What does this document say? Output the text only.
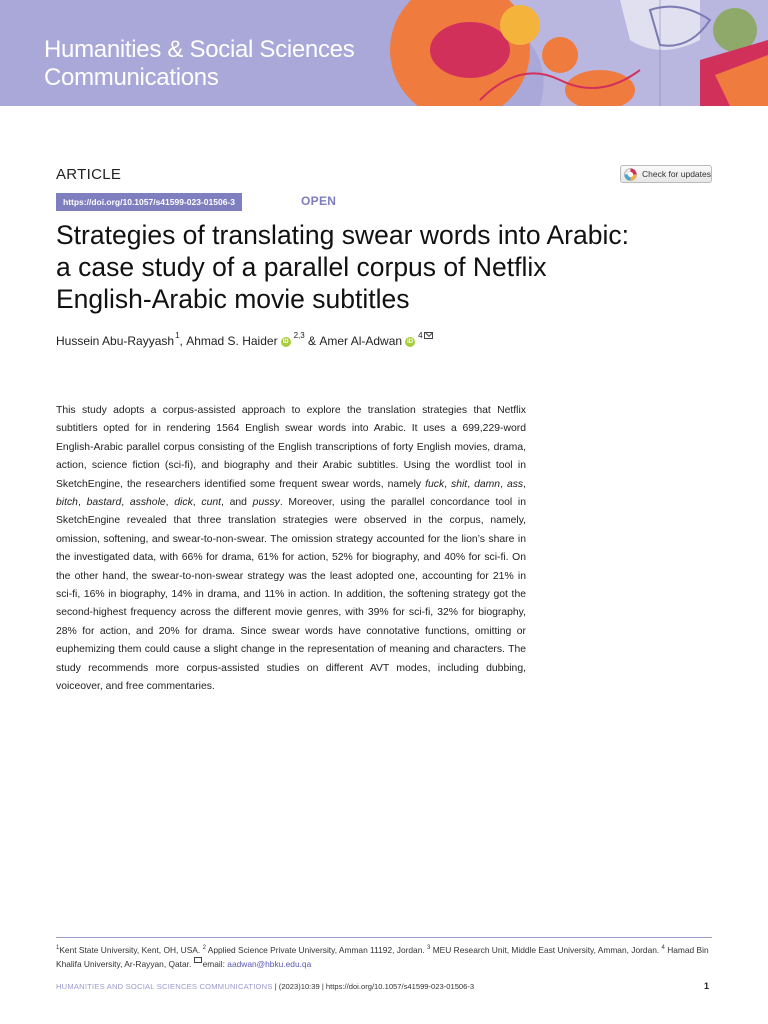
Humanities & Social Sciences
Communications
ARTICLE	Check for updates
https://doi.org/10.1057/s41599-023-01506-3	OPEN
Strategies of translating swear words into Arabic:
a case study of a parallel corpus of Netflix
English-Arabic movie subtitles
Hussein Abu-Rayyash$^1$ , Ahmad S. Haider iD
$^{2,3}$ & Amer Al-Adwan iD
$^4$

This study adopts a corpus-assisted approach to explore the translation strategies that Netflix subtitlers opted for in rendering 1564 English swear words into Arabic. It uses a 699,229-word English-Arabic parallel corpus consisting of the English transcriptions of forty English movies, drama, action, science fiction (sci-fi), and biography and their Arabic subtitles. Using the wordlist tool in SketchEngine, the researchers identified some frequent swear words, namely fuck, shit, damn, ass, bitch, bastard, asshole, dick, cunt, and pussy. Moreover, using the parallel concordance tool in SketchEngine revealed that three translation strategies were observed in the corpus, namely, omission, softening, and swear-to-non-swear. The omission strategy accounted for the lion’s share in the investigated data, with 66% for drama, 61% for action, 52% for biography, and 40% for sci-fi. On the other hand, the swear-to-non-swear strategy was the least adopted one, accounting for 21% in sci-fi, 16% in biography, 14% in drama, and 11% in action. In addition, the softening strategy got the second-highest frequency across the different movie genres, with 39% for sci-fi, 32% for biography, 28% for action, and 20% for drama. Since swear words have connotative functions, omitting or euphemizing them could cause a slight change in the representation of meaning and characters. The study recommends more corpus-assisted studies on different AVT modes, including dubbing, voiceover, and free commentaries.

$^1$Kent State University, Kent, OH, USA. $^2$ Applied Science Private University, Amman 11192, Jordan. $^3$ MEU Research Unit, Middle East University, Amman, Jordan. $^4$ Hamad Bin Khalifa University, Ar-Rayyan, Qatar. email: aadwan@hbku.edu.qa
HUMANITIES AND SOCIAL SCIENCES COMMUNICATIONS | (2023)10:39 | https://doi.org/10.1057/s41599-023-01506-3	1
